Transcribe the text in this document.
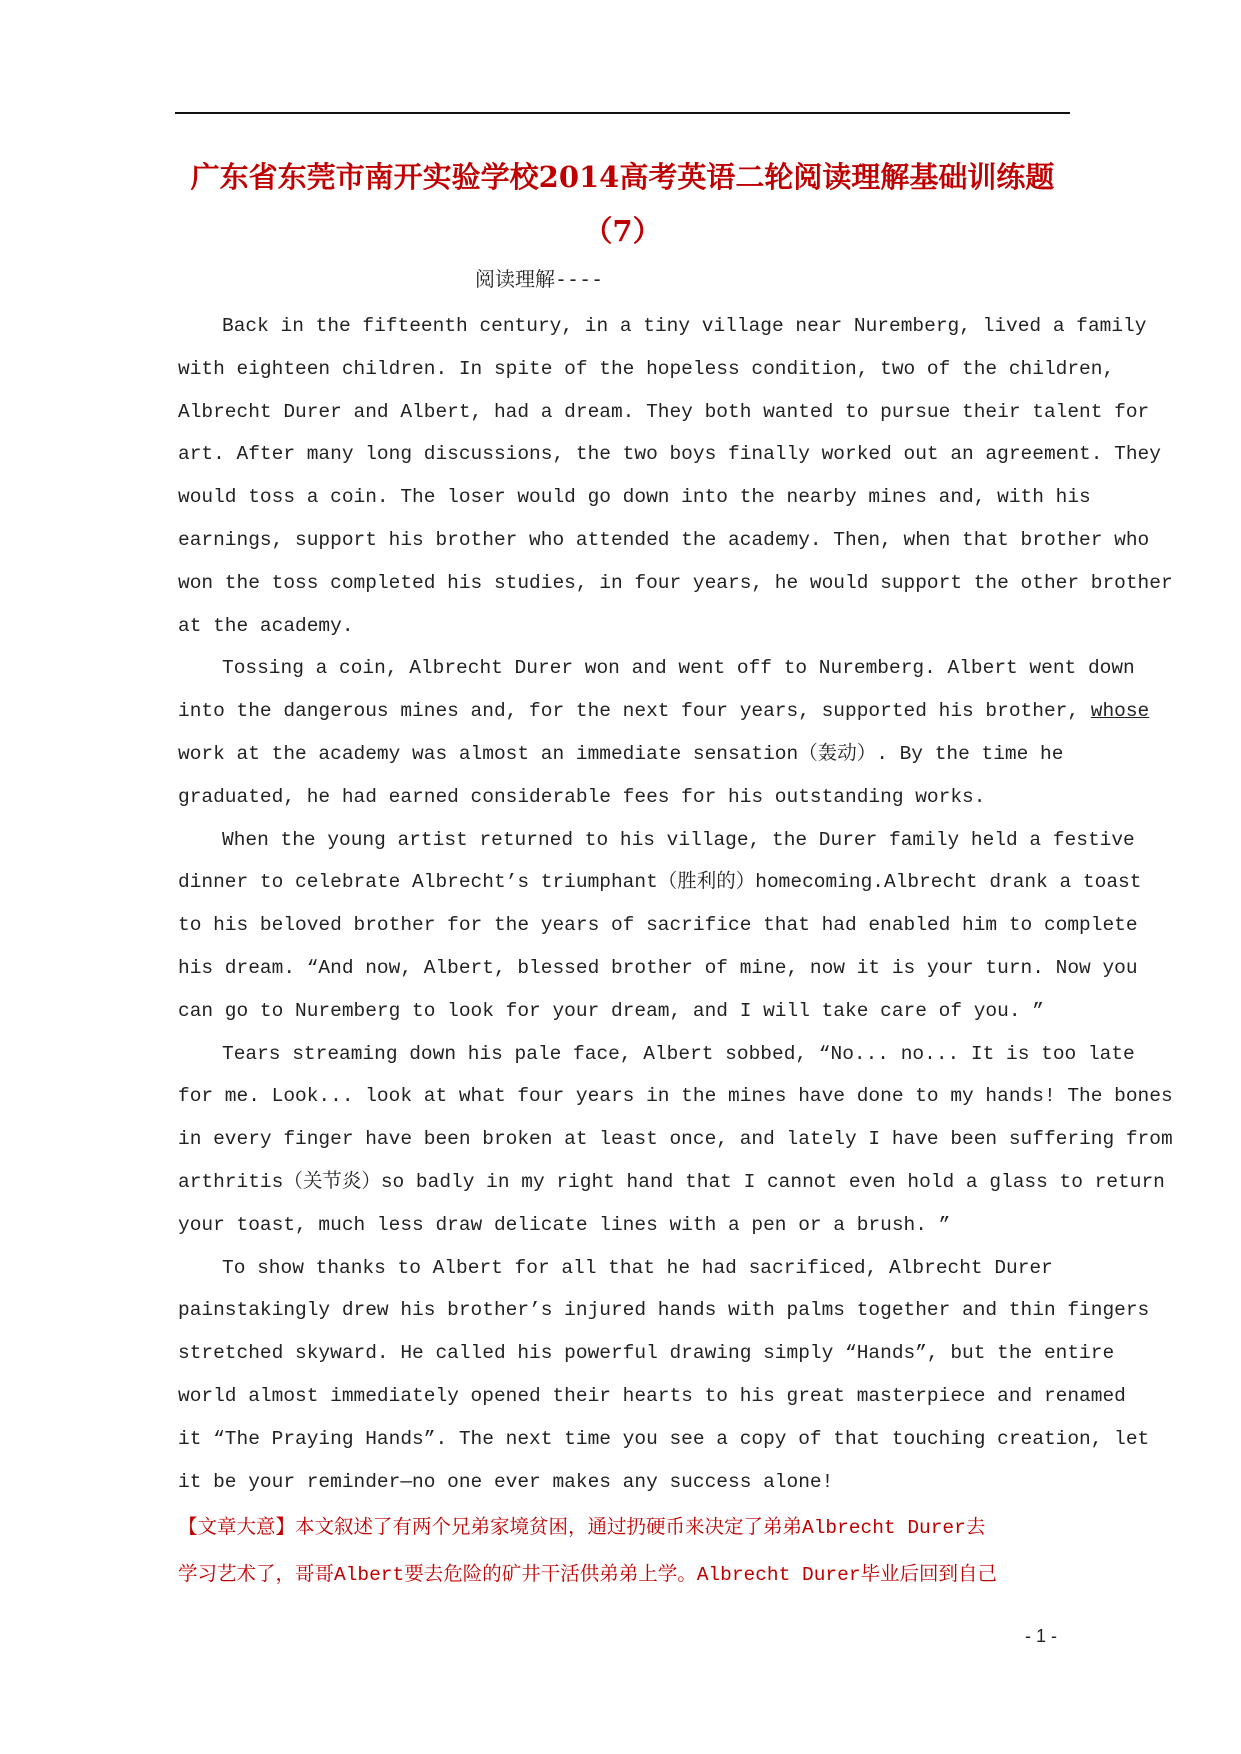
广东省东莞市南开实验学校2014高考英语二轮阅读理解基础训练题
（7）
阅读理解----
Back in the fifteenth century, in a tiny village near Nuremberg, lived a family
with eighteen children. In spite of the hopeless condition, two of the children,
Albrecht Durer and Albert, had a dream. They both wanted to pursue their talent for
art. After many long discussions, the two boys finally worked out an agreement. They
would toss a coin. The loser would go down into the nearby mines and, with his
earnings, support his brother who attended the academy. Then, when that brother who
won the toss completed his studies, in four years, he would support the other brother
at the academy.
Tossing a coin, Albrecht Durer won and went off to Nuremberg. Albert went down
into the dangerous mines and, for the next four years, supported his brother, whose
work at the academy was almost an immediate sensation（轰动）. By the time he
graduated, he had earned considerable fees for his outstanding works.
When the young artist returned to his village, the Durer family held a festive
dinner to celebrate Albrecht’s triumphant（胜利的）homecoming.Albrecht drank a toast
to his beloved brother for the years of sacrifice that had enabled him to complete
his dream. “And now, Albert, blessed brother of mine, now it is your turn. Now you
can go to Nuremberg to look for your dream, and I will take care of you. ”
Tears streaming down his pale face, Albert sobbed, “No... no... It is too late
for me. Look... look at what four years in the mines have done to my hands! The bones
in every finger have been broken at least once, and lately I have been suffering from
arthritis（关节炎）so badly in my right hand that I cannot even hold a glass to return
your toast, much less draw delicate lines with a pen or a brush. ”
To show thanks to Albert for all that he had sacrificed, Albrecht Durer
painstakingly drew his brother’s injured hands with palms together and thin fingers
stretched skyward. He called his powerful drawing simply “Hands”, but the entire
world almost immediately opened their hearts to his great masterpiece and renamed
it “The Praying Hands”. The next time you see a copy of that touching creation, let
it be your reminder—no one ever makes any success alone!
【文章大意】本文叙述了有两个兄弟家境贫困，通过扔硬币来决定了弟弟Albrecht Durer去
学习艺术了，哥哥Albert要去危险的矿井干活供弟弟上学。Albrecht Durer毕业后回到自己
- 1 -
